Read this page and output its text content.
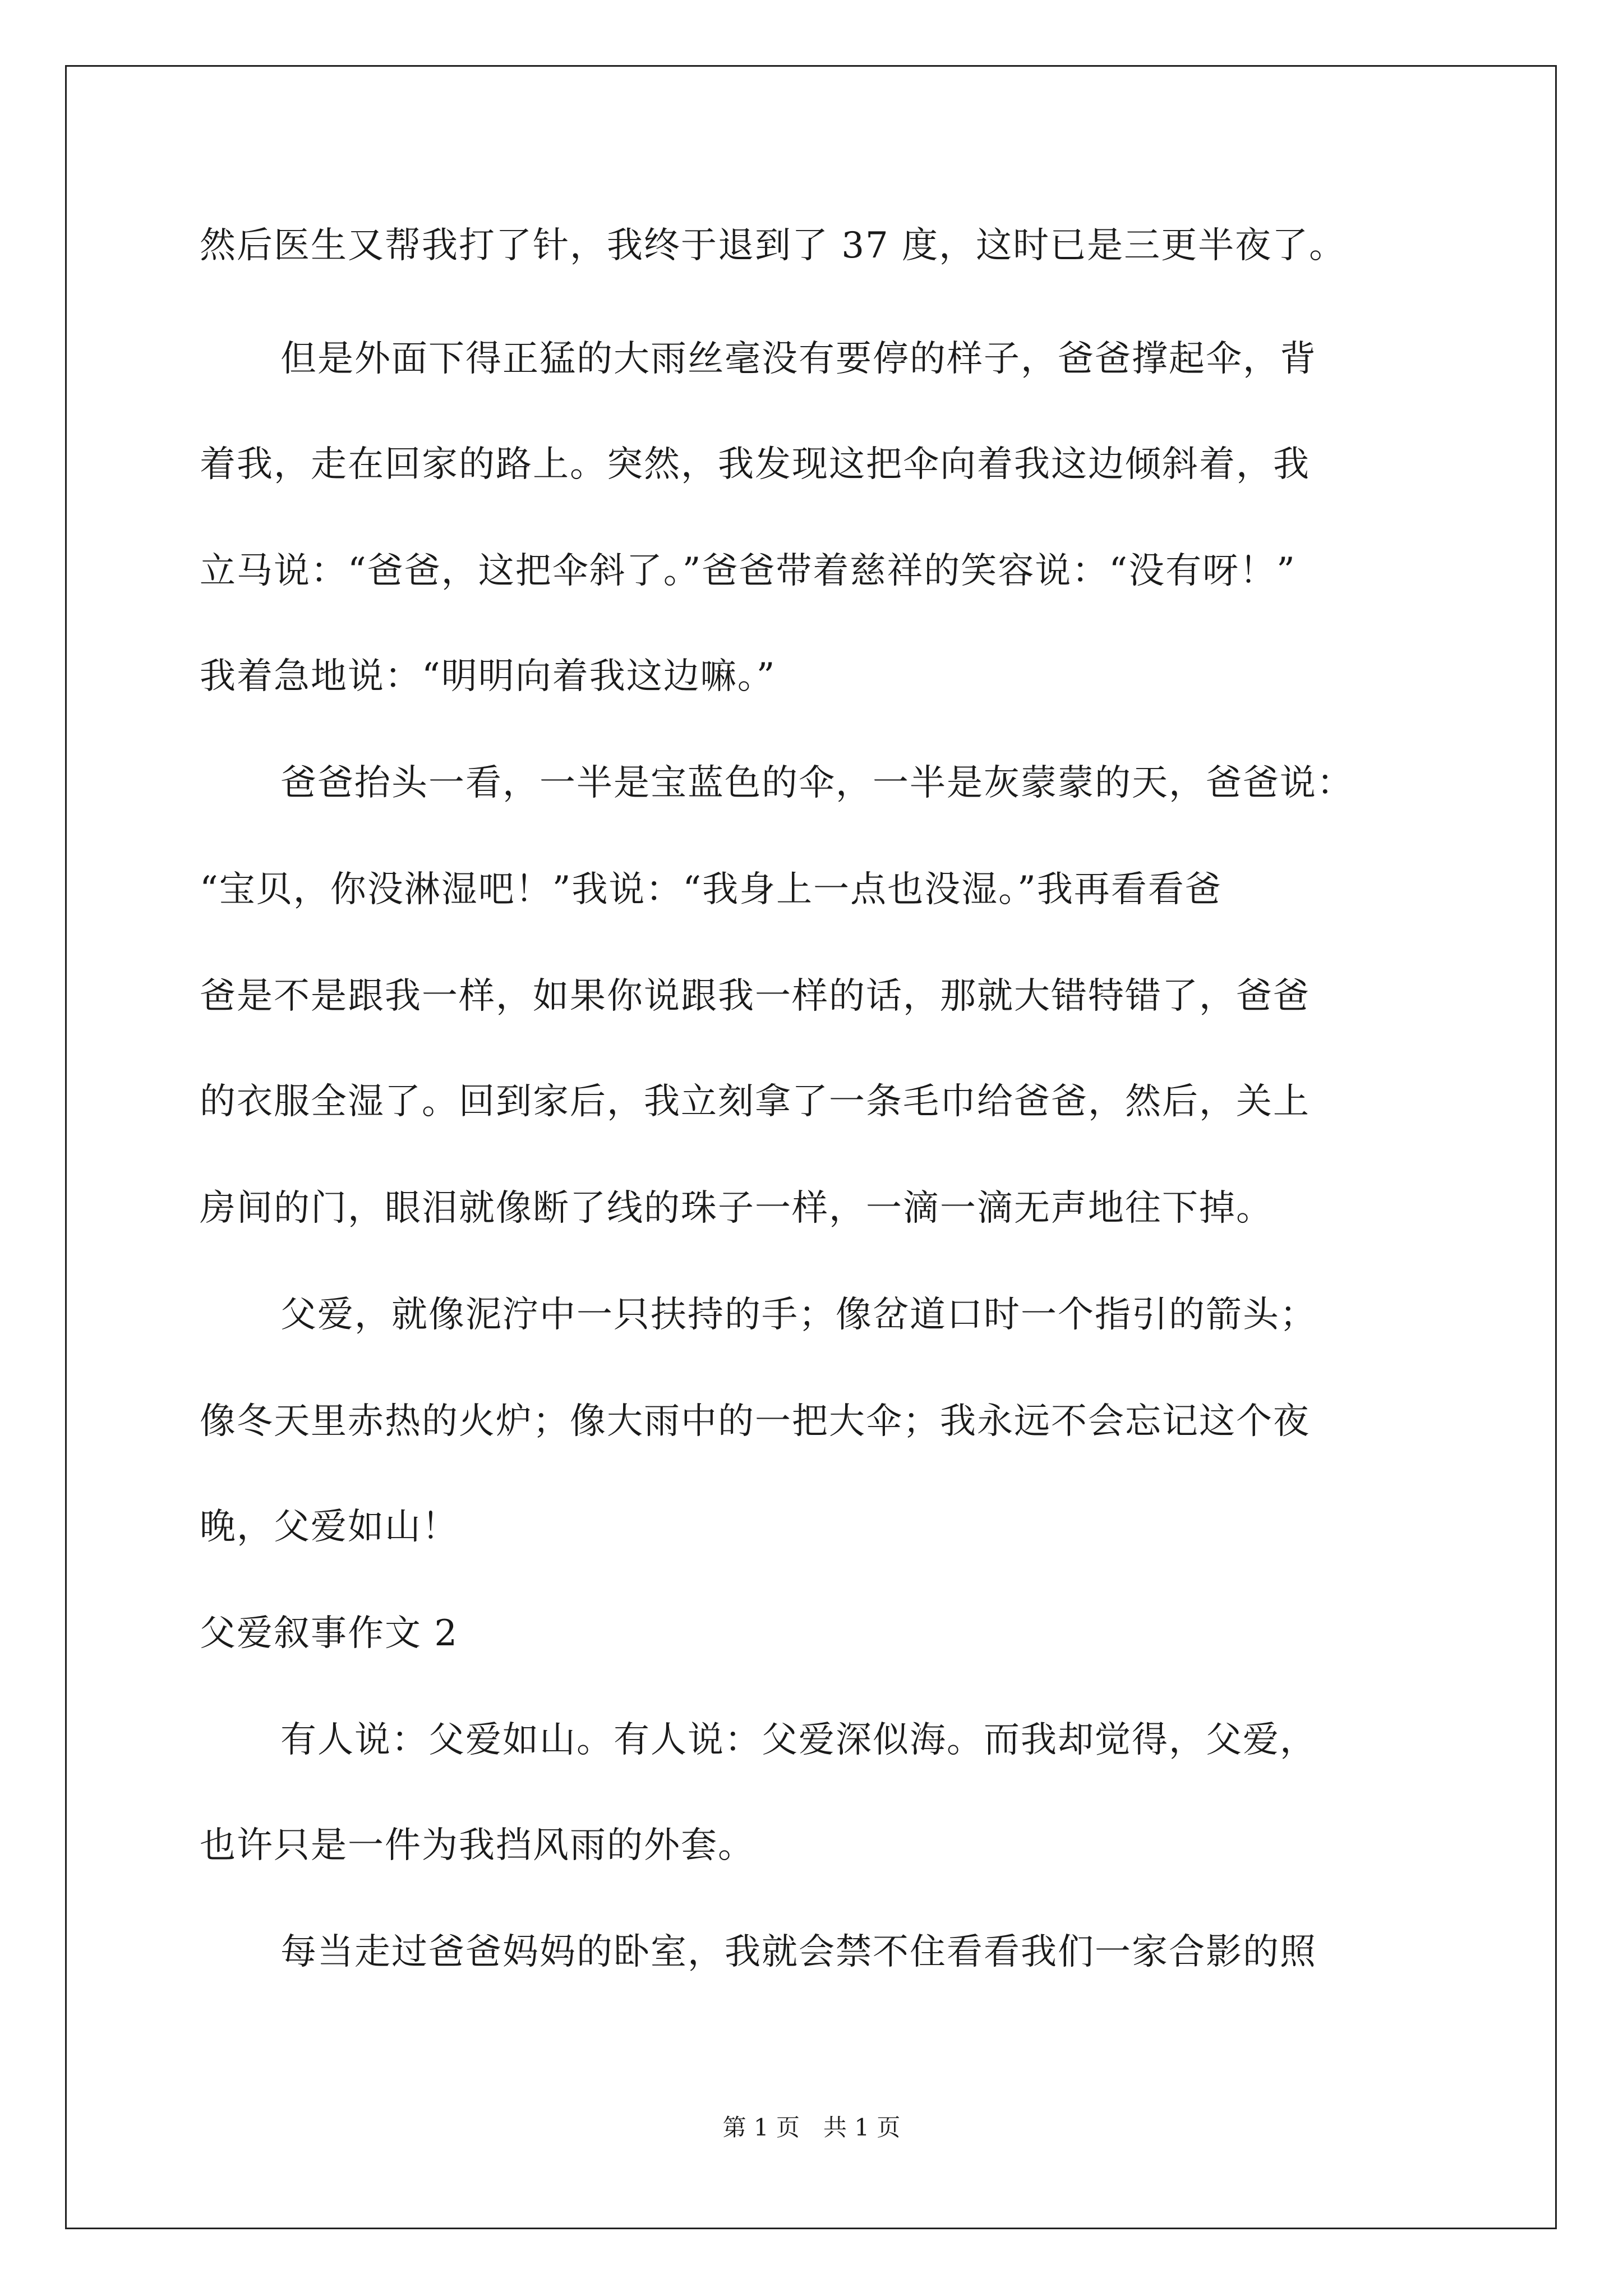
然后医生又帮我打了针，我终于退到了 37 度，这时已是三更半夜了。
但是外面下得正猛的大雨丝毫没有要停的样子，爸爸撑起伞，背
着我，走在回家的路上。突然，我发现这把伞向着我这边倾斜着，我
立马说：“爸爸，这把伞斜了。”爸爸带着慈祥的笑容说：“没有呀！”
我着急地说：“明明向着我这边嘛。”
爸爸抬头一看，一半是宝蓝色的伞，一半是灰蒙蒙的天，爸爸说：
“宝贝，你没淋湿吧！”我说：“我身上一点也没湿。”我再看看爸
爸是不是跟我一样，如果你说跟我一样的话，那就大错特错了，爸爸
的衣服全湿了。回到家后，我立刻拿了一条毛巾给爸爸，然后，关上
房间的门，眼泪就像断了线的珠子一样，一滴一滴无声地往下掉。
父爱，就像泥泞中一只扶持的手；像岔道口时一个指引的箭头；
像冬天里赤热的火炉；像大雨中的一把大伞；我永远不会忘记这个夜
晚，父爱如山！
父爱叙事作文 2
有人说：父爱如山。有人说：父爱深似海。而我却觉得，父爱，
也许只是一件为我挡风雨的外套。
每当走过爸爸妈妈的卧室，我就会禁不住看看我们一家合影的照
第 1 页　共 1 页
